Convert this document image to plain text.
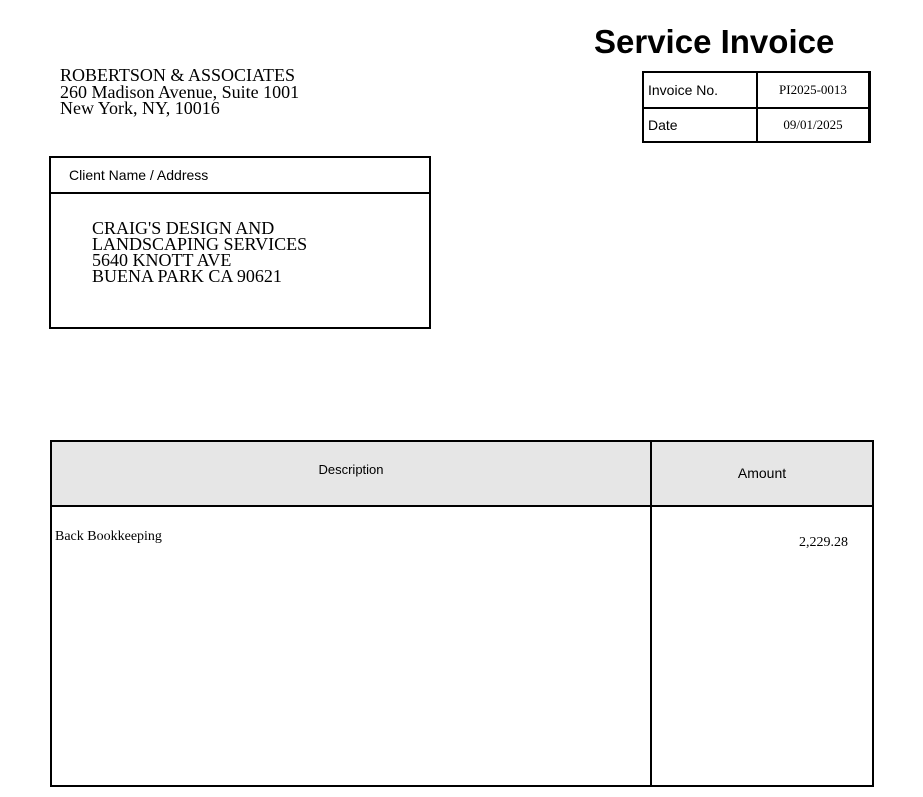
Service Invoice
ROBERTSON & ASSOCIATES
260 Madison Avenue, Suite 1001
New York, NY, 10016
Invoice No.	PI2025-0013
Date	09/01/2025
Client Name / Address
CRAIG'S DESIGN AND
LANDSCAPING SERVICES
5640 KNOTT AVE
BUENA PARK CA 90621
Description	Amount
Back Bookkeeping	2,229.28
